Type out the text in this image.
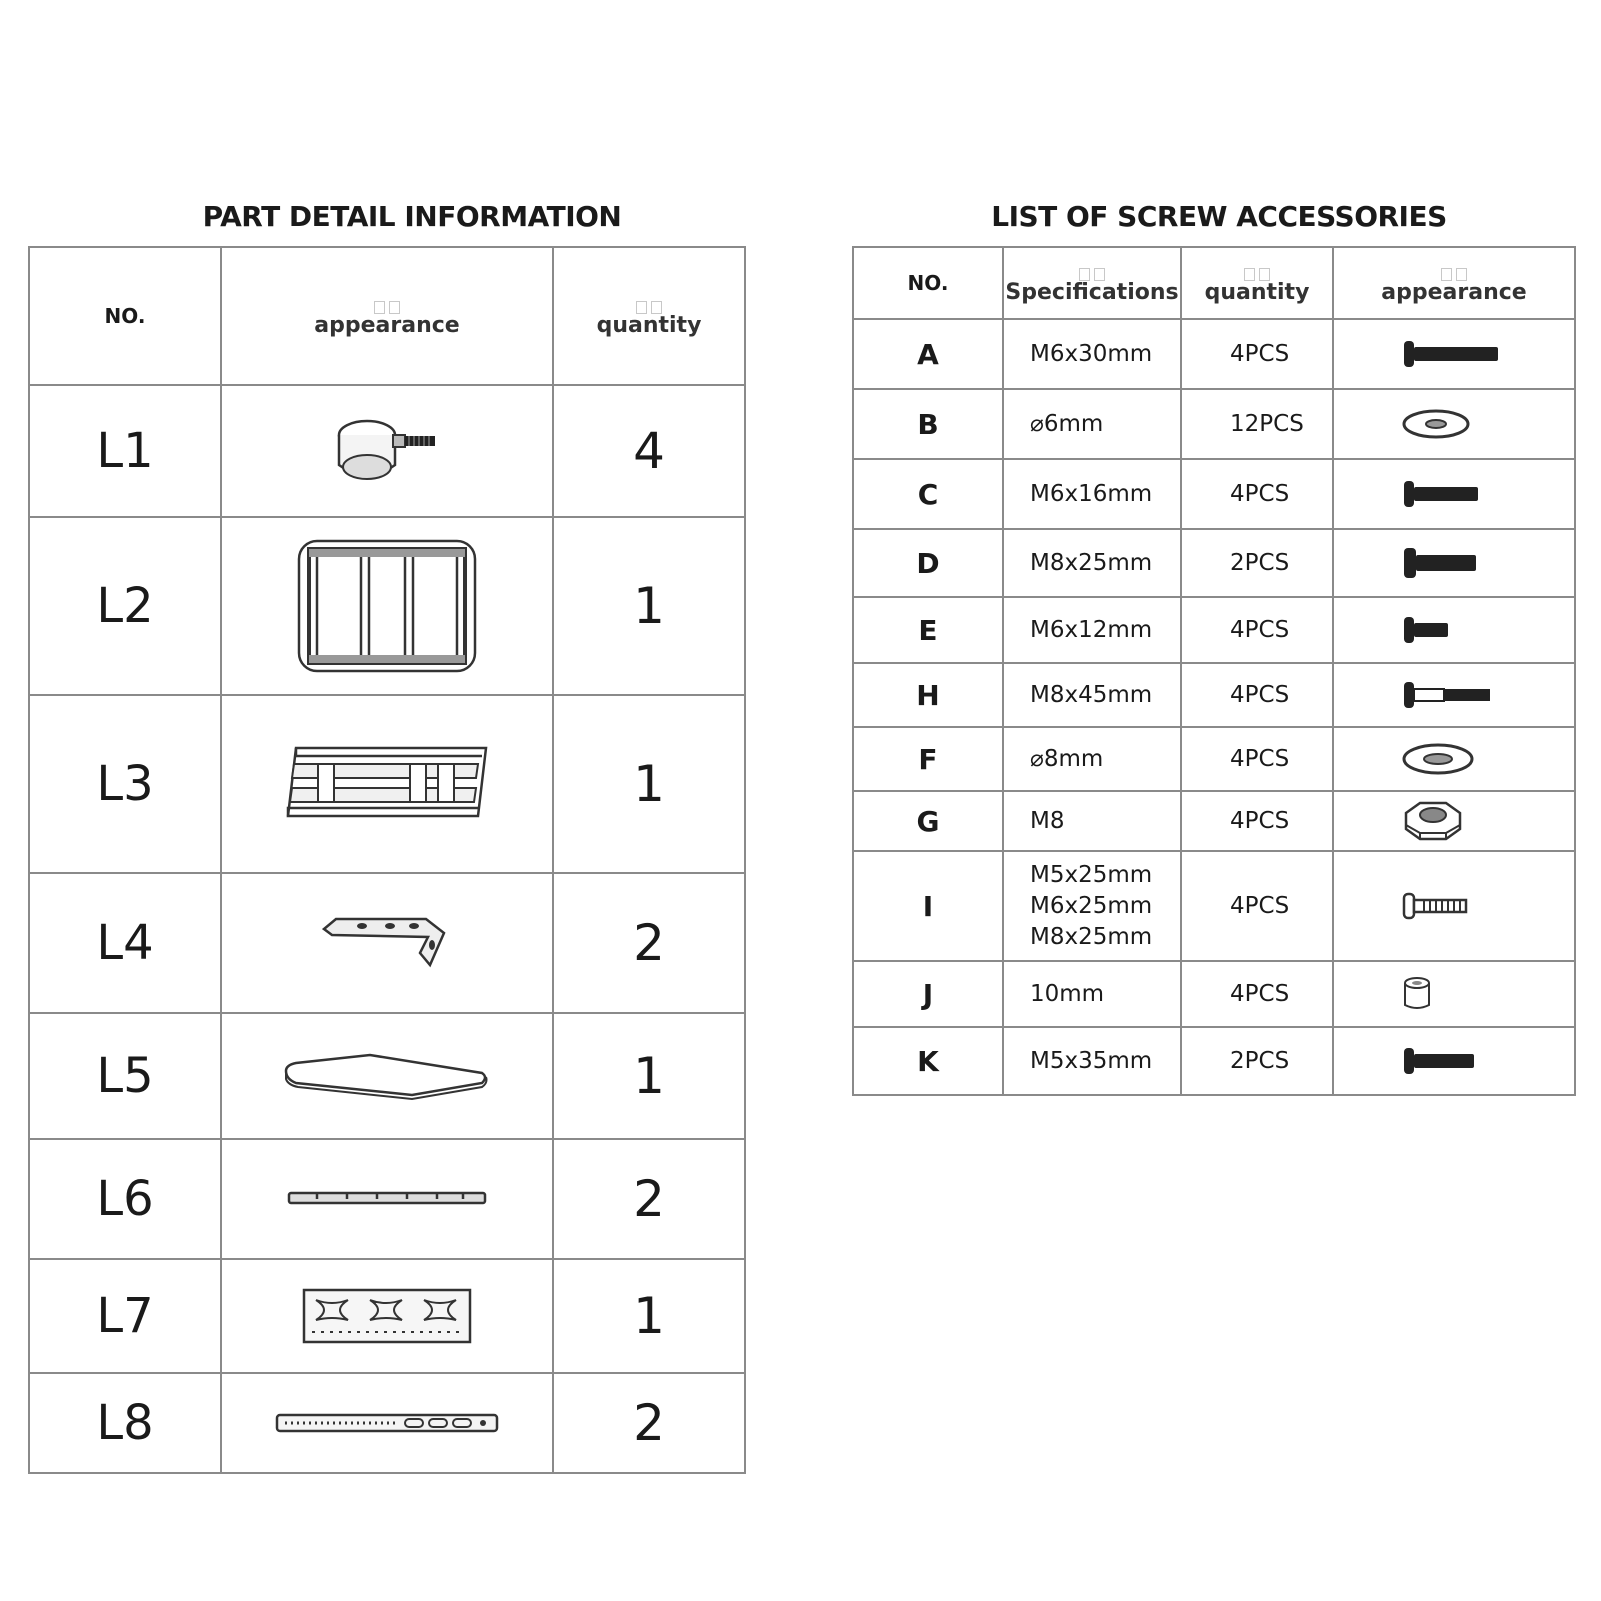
PART DETAIL INFORMATION	LIST OF SCREW ACCESSORIES
NO.	appearance	quantity
L1		4
L2		1
L3		1
L4		2
L5		1
L6		2
L7		1
L8		2
NO.	Specifications	quantity	appearance
A	M6x30mm	4PCS	

B	⌀6mm	12PCS	

C	M6x16mm	4PCS	

D	M8x25mm	2PCS	

E	M6x12mm	4PCS	

H	M8x45mm	4PCS	

F	⌀8mm	4PCS	

G	M8	4PCS	

I	M5x25mm
M6x25mm
M8x25mm	4PCS	

J	10mm	4PCS	

K	M5x35mm	2PCS	
